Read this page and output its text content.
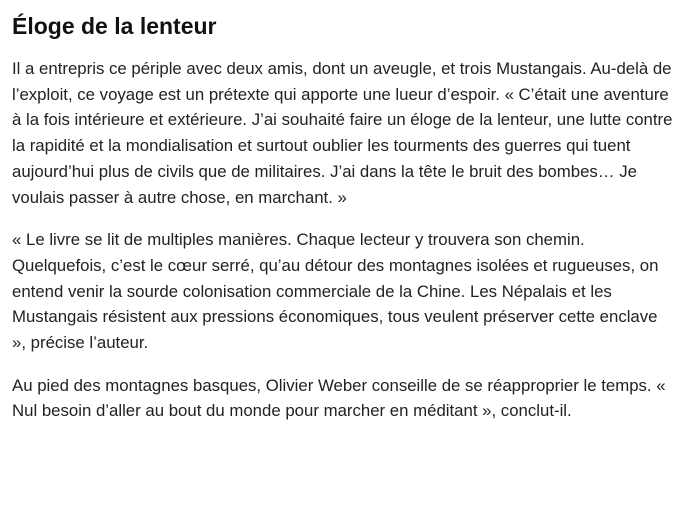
Éloge de la lenteur

Il a entrepris ce périple avec deux amis, dont un aveugle, et trois Mustangais. Au-delà de l’exploit, ce voyage est un prétexte qui apporte une lueur d’espoir. « C’était une aventure à la fois intérieure et extérieure. J’ai souhaité faire un éloge de la lenteur, une lutte contre la rapidité et la mondialisation et surtout oublier les tourments des guerres qui tuent aujourd’hui plus de civils que de militaires. J’ai dans la tête le bruit des bombes… Je voulais passer à autre chose, en marchant. »

« Le livre se lit de multiples manières. Chaque lecteur y trouvera son chemin. Quelquefois, c’est le cœur serré, qu’au détour des montagnes isolées et rugueuses, on entend venir la sourde colonisation commerciale de la Chine. Les Népalais et les Mustangais résistent aux pressions économiques, tous veulent préserver cette enclave », précise l’auteur.

Au pied des montagnes basques, Olivier Weber conseille de se réapproprier le temps. « Nul besoin d’aller au bout du monde pour marcher en méditant », conclut-il.
